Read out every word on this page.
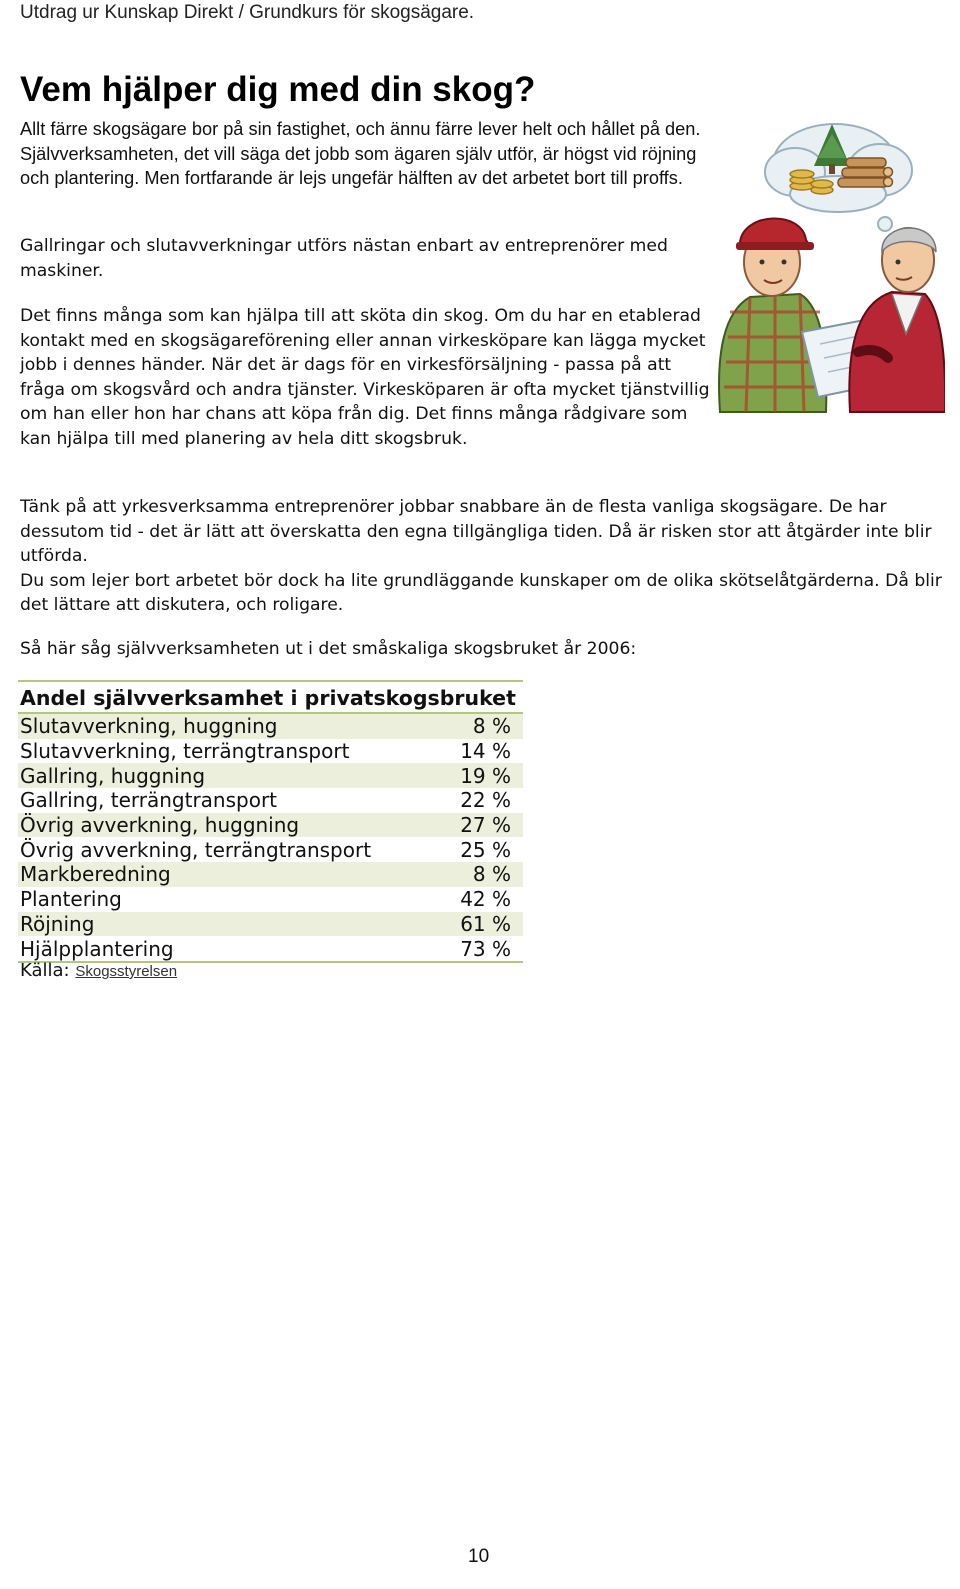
Utdrag ur Kunskap Direkt / Grundkurs för skogsägare.
Vem hjälper dig med din skog?

Allt färre skogsägare bor på sin fastighet, och ännu färre lever helt och hållet på den. Självverksamheten, det vill säga det jobb som ägaren själv utför, är högst vid röjning och plantering. Men fortfarande är lejs ungefär hälften av det arbetet bort till proffs.

Gallringar och slutavverkningar utförs nästan enbart av entreprenörer med maskiner.

Det finns många som kan hjälpa till att sköta din skog. Om du har en etablerad kontakt med en skogsägareförening eller annan virkesköpare kan lägga mycket jobb i dennes händer. När det är dags för en virkesförsäljning - passa på att fråga om skogsvård och andra tjänster. Virkesköparen är ofta mycket tjänstvillig om han eller hon har chans att köpa från dig. Det finns många rådgivare som kan hjälpa till med planering av hela ditt skogsbruk.

Tänk på att yrkesverksamma entreprenörer jobbar snabbare än de flesta vanliga skogsägare. De har dessutom tid - det är lätt att överskatta den egna tillgängliga tiden. Då är risken stor att åtgärder inte blir utförda.
Du som lejer bort arbetet bör dock ha lite grundläggande kunskaper om de olika skötselåtgärderna. Då blir det lättare att diskutera, och roligare.

Så här såg självverksamheten ut i det småskaliga skogsbruket år 2006:

Andel självverksamhet i privatskogsbruket	
Slutavverkning, huggning	8 %
Slutavverkning, terrängtransport	14 %
Gallring, huggning	19 %
Gallring, terrängtransport	22 %
Övrig avverkning, huggning	27 %
Övrig avverkning, terrängtransport	25 %
Markberedning	8 %
Plantering	42 %
Röjning	61 %
Hjälpplantering	73 %
Källa: Skogsstyrelsen
10
